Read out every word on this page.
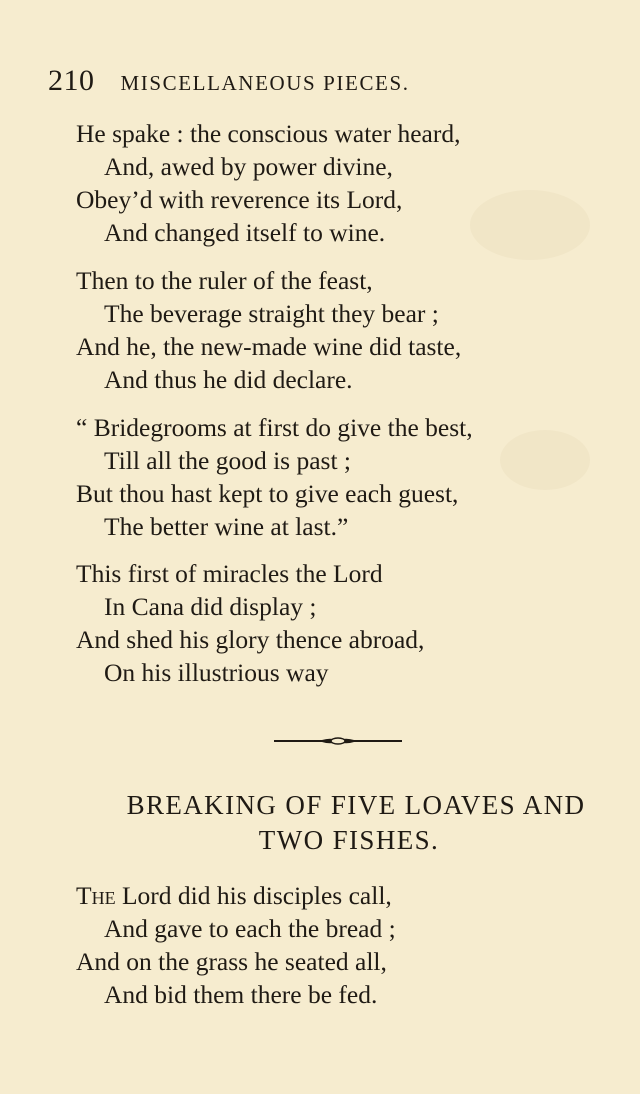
210 MISCELLANEOUS PIECES.
He spake : the conscious water heard,
And, awed by power divine,
Obey’d with reverence its Lord,
And changed itself to wine.
Then to the ruler of the feast,
The beverage straight they bear ;
And he, the new-made wine did taste,
And thus he did declare.
“ Bridegrooms at first do give the best,
Till all the good is past ;
But thou hast kept to give each guest,
The better wine at last.”
This first of miracles the Lord
In Cana did display ;
And shed his glory thence abroad,
On his illustrious way
BREAKING OF FIVE LOAVES AND
TWO FISHES.
The Lord did his disciples call,
And gave to each the bread ;
And on the grass he seated all,
And bid them there be fed.
